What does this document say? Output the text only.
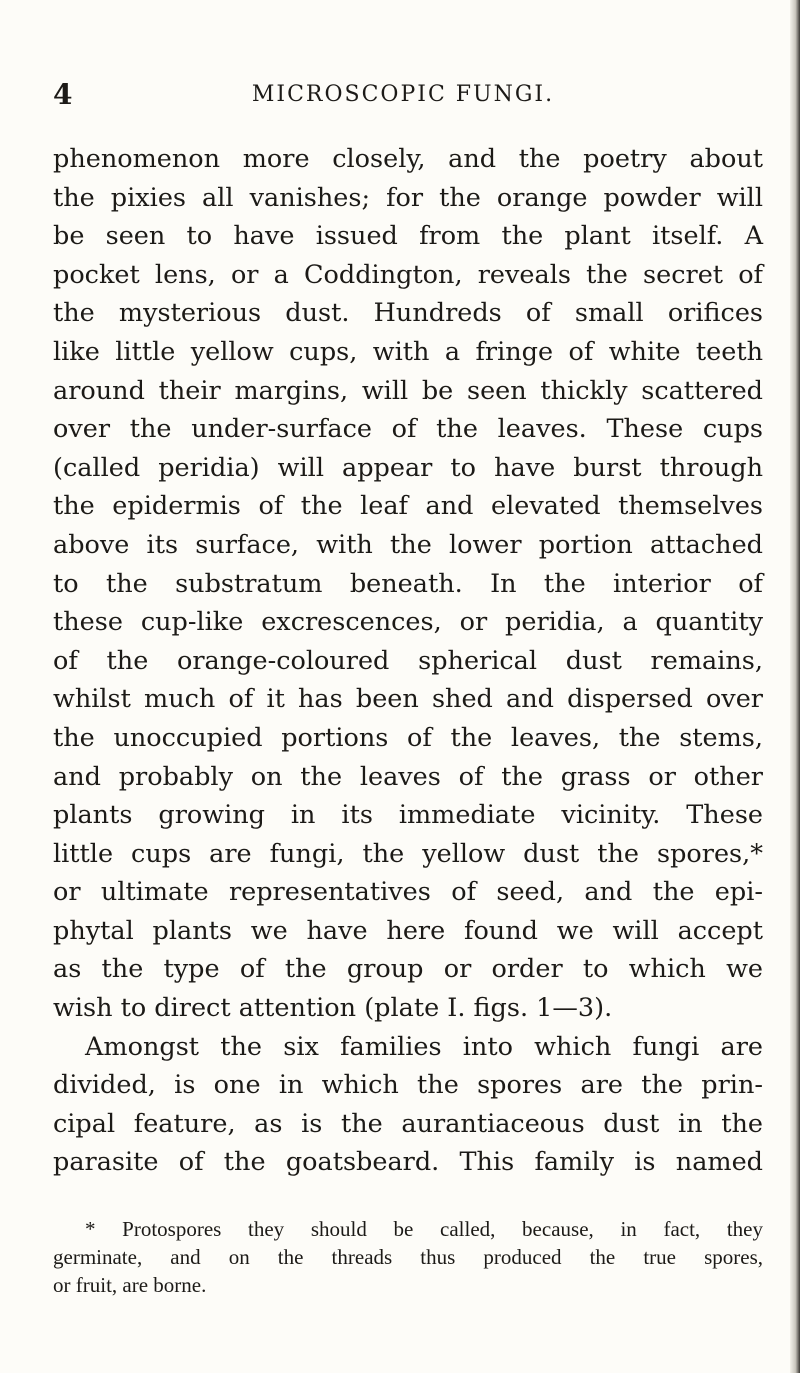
4	MICROSCOPIC FUNGI.
phenomenon more closely, and the poetry about
the pixies all vanishes; for the orange powder will
be seen to have issued from the plant itself. A
pocket lens, or a Coddington, reveals the secret of
the mysterious dust. Hundreds of small orifices
like little yellow cups, with a fringe of white teeth
around their margins, will be seen thickly scattered
over the under-surface of the leaves. These cups
(called peridia) will appear to have burst through
the epidermis of the leaf and elevated themselves
above its surface, with the lower portion attached
to the substratum beneath. In the interior of
these cup-like excrescences, or peridia, a quantity
of the orange-coloured spherical dust remains,
whilst much of it has been shed and dispersed over
the unoccupied portions of the leaves, the stems,
and probably on the leaves of the grass or other
plants growing in its immediate vicinity. These
little cups are fungi, the yellow dust the spores,*
or ultimate representatives of seed, and the epi-
phytal plants we have here found we will accept
as the type of the group or order to which we
wish to direct attention (plate I. figs. 1—3).
Amongst the six families into which fungi are
divided, is one in which the spores are the prin-
cipal feature, as is the aurantiaceous dust in the
parasite of the goatsbeard. This family is named
* Protospores they should be called, because, in fact, they
germinate, and on the threads thus produced the true spores,
or fruit, are borne.
